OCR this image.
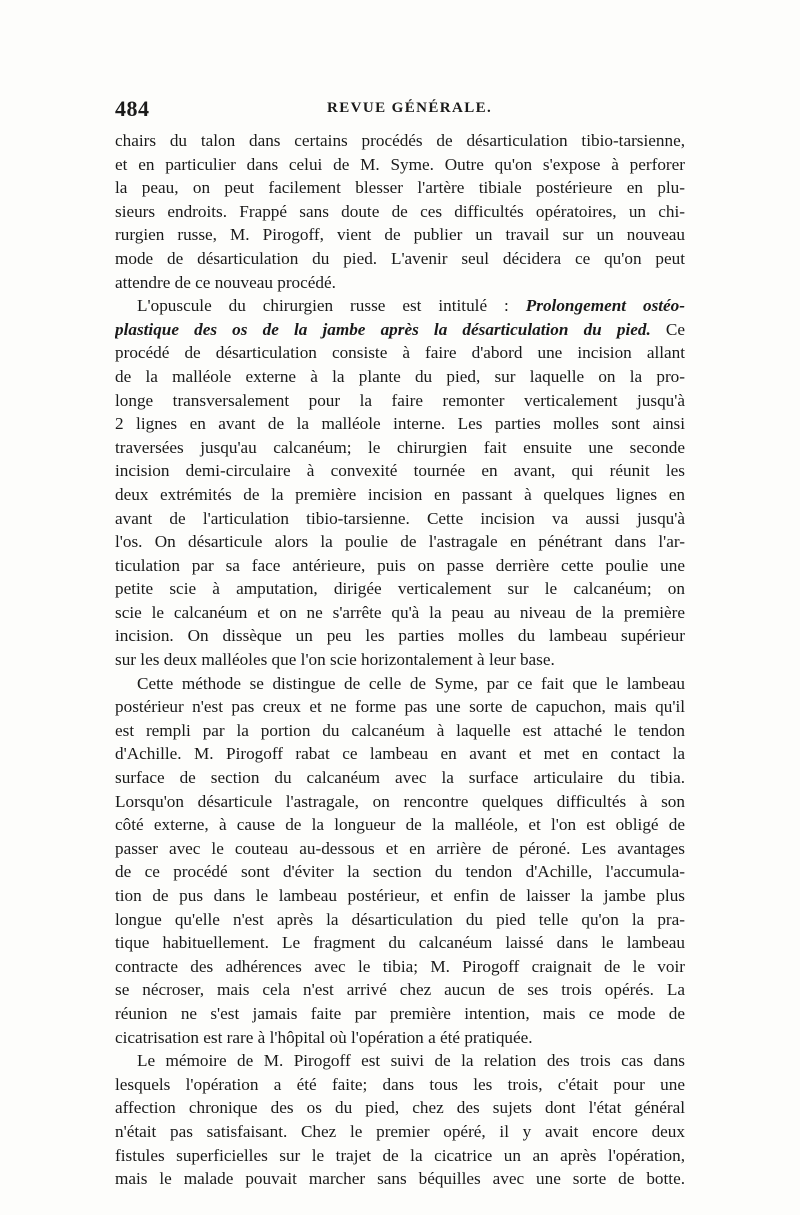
484	REVUE GÉNÉRALE.
chairs du talon dans certains procédés de désarticulation tibio-tarsienne,
et en particulier dans celui de M. Syme. Outre qu'on s'expose à perforer
la peau, on peut facilement blesser l'artère tibiale postérieure en plu-
sieurs endroits. Frappé sans doute de ces difficultés opératoires, un chi-
rurgien russe, M. Pirogoff, vient de publier un travail sur un nouveau
mode de désarticulation du pied. L'avenir seul décidera ce qu'on peut
attendre de ce nouveau procédé.
L'opuscule du chirurgien russe est intitulé : Prolongement ostéo-
plastique des os de la jambe après la désarticulation du pied. Ce
procédé de désarticulation consiste à faire d'abord une incision allant
de la malléole externe à la plante du pied, sur laquelle on la pro-
longe transversalement pour la faire remonter verticalement jusqu'à
2 lignes en avant de la malléole interne. Les parties molles sont ainsi
traversées jusqu'au calcanéum; le chirurgien fait ensuite une seconde
incision demi-circulaire à convexité tournée en avant, qui réunit les
deux extrémités de la première incision en passant à quelques lignes en
avant de l'articulation tibio-tarsienne. Cette incision va aussi jusqu'à
l'os. On désarticule alors la poulie de l'astragale en pénétrant dans l'ar-
ticulation par sa face antérieure, puis on passe derrière cette poulie une
petite scie à amputation, dirigée verticalement sur le calcanéum; on
scie le calcanéum et on ne s'arrête qu'à la peau au niveau de la première
incision. On dissèque un peu les parties molles du lambeau supérieur
sur les deux malléoles que l'on scie horizontalement à leur base.
Cette méthode se distingue de celle de Syme, par ce fait que le lambeau
postérieur n'est pas creux et ne forme pas une sorte de capuchon, mais qu'il
est rempli par la portion du calcanéum à laquelle est attaché le tendon
d'Achille. M. Pirogoff rabat ce lambeau en avant et met en contact la
surface de section du calcanéum avec la surface articulaire du tibia.
Lorsqu'on désarticule l'astragale, on rencontre quelques difficultés à son
côté externe, à cause de la longueur de la malléole, et l'on est obligé de
passer avec le couteau au-dessous et en arrière de péroné. Les avantages
de ce procédé sont d'éviter la section du tendon d'Achille, l'accumula-
tion de pus dans le lambeau postérieur, et enfin de laisser la jambe plus
longue qu'elle n'est après la désarticulation du pied telle qu'on la pra-
tique habituellement. Le fragment du calcanéum laissé dans le lambeau
contracte des adhérences avec le tibia; M. Pirogoff craignait de le voir
se nécroser, mais cela n'est arrivé chez aucun de ses trois opérés. La
réunion ne s'est jamais faite par première intention, mais ce mode de
cicatrisation est rare à l'hôpital où l'opération a été pratiquée.
Le mémoire de M. Pirogoff est suivi de la relation des trois cas dans
lesquels l'opération a été faite; dans tous les trois, c'était pour une
affection chronique des os du pied, chez des sujets dont l'état général
n'était pas satisfaisant. Chez le premier opéré, il y avait encore deux
fistules superficielles sur le trajet de la cicatrice un an après l'opération,
mais le malade pouvait marcher sans béquilles avec une sorte de botte.
